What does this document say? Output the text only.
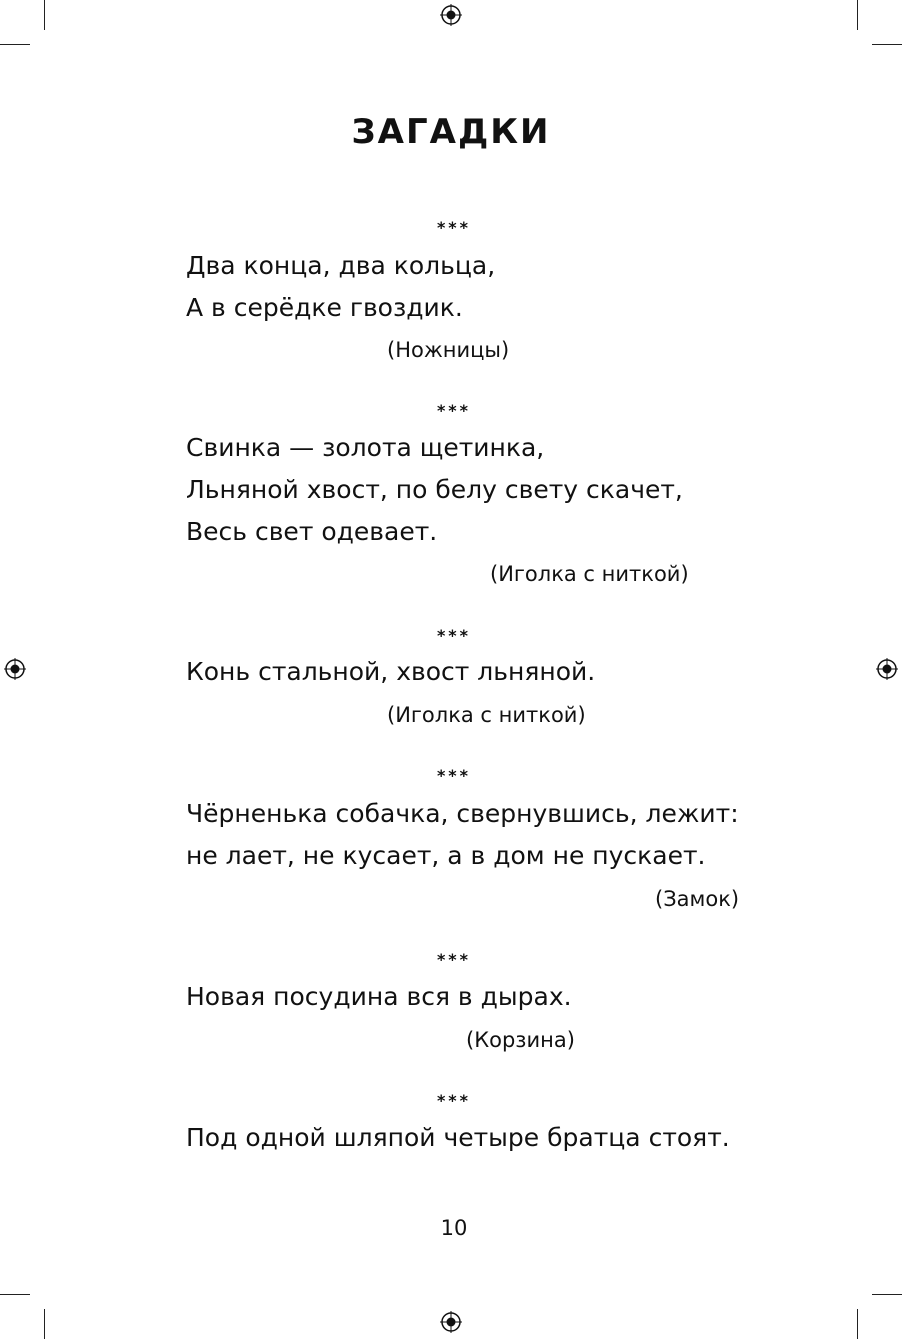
ЗАГАДКИ
***
Два конца, два кольца,
А в серёдке гвоздик.
(Ножницы)
***
Свинка — золота щетинка,
Льняной хвост, по белу свету скачет,
Весь свет одевает.
(Иголка с ниткой)
***
Конь стальной, хвост льняной.
(Иголка с ниткой)
***
Чёрненька собачка, свернувшись, лежит:
не лает, не кусает, а в дом не пускает.
(Замок)
***
Новая посудина вся в дырах.
(Корзина)
***
Под одной шляпой четыре братца стоят.
10
